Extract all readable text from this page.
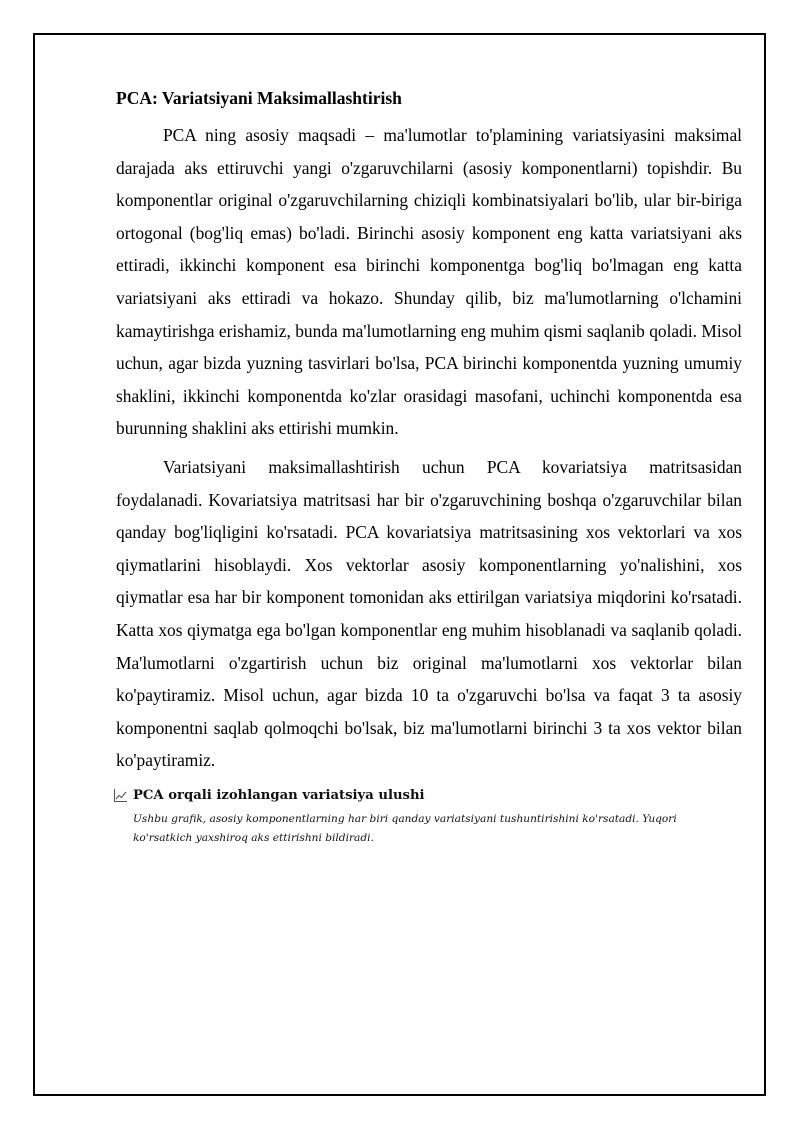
PCA: Variatsiyani Maksimallashtirish

PCA ning asosiy maqsadi – ma'lumotlar to'plamining variatsiyasini maksimal darajada aks ettiruvchi yangi o'zgaruvchilarni (asosiy komponentlarni) topishdir. Bu komponentlar original o'zgaruvchilarning chiziqli kombinatsiyalari bo'lib, ular bir-biriga ortogonal (bog'liq emas) bo'ladi. Birinchi asosiy komponent eng katta variatsiyani aks ettiradi, ikkinchi komponent esa birinchi komponentga bog'liq bo'lmagan eng katta variatsiyani aks ettiradi va hokazo. Shunday qilib, biz ma'lumotlarning o'lchamini kamaytirishga erishamiz, bunda ma'lumotlarning eng muhim qismi saqlanib qoladi. Misol uchun, agar bizda yuzning tasvirlari bo'lsa, PCA birinchi komponentda yuzning umumiy shaklini, ikkinchi komponentda ko'zlar orasidagi masofani, uchinchi komponentda esa burunning shaklini aks ettirishi mumkin.

Variatsiyani maksimallashtirish uchun PCA kovariatsiya matritsasidan foydalanadi. Kovariatsiya matritsasi har bir o'zgaruvchining boshqa o'zgaruvchilar bilan qanday bog'liqligini ko'rsatadi. PCA kovariatsiya matritsasining xos vektorlari va xos qiymatlarini hisoblaydi. Xos vektorlar asosiy komponentlarning yo'nalishini, xos qiymatlar esa har bir komponent tomonidan aks ettirilgan variatsiya miqdorini ko'rsatadi. Katta xos qiymatga ega bo'lgan komponentlar eng muhim hisoblanadi va saqlanib qoladi. Ma'lumotlarni o'zgartirish uchun biz original ma'lumotlarni xos vektorlar bilan ko'paytiramiz. Misol uchun, agar bizda 10 ta o'zgaruvchi bo'lsa va faqat 3 ta asosiy komponentni saqlab qolmoqchi bo'lsak, biz ma'lumotlarni birinchi 3 ta xos vektor bilan ko'paytiramiz.

PCA orqali izohlangan variatsiya ulushi
Ushbu grafik, asosiy komponentlarning har biri qanday variatsiyani tushuntirishini ko'rsatadi. Yuqori ko'rsatkich yaxshiroq aks ettirishni bildiradi.
